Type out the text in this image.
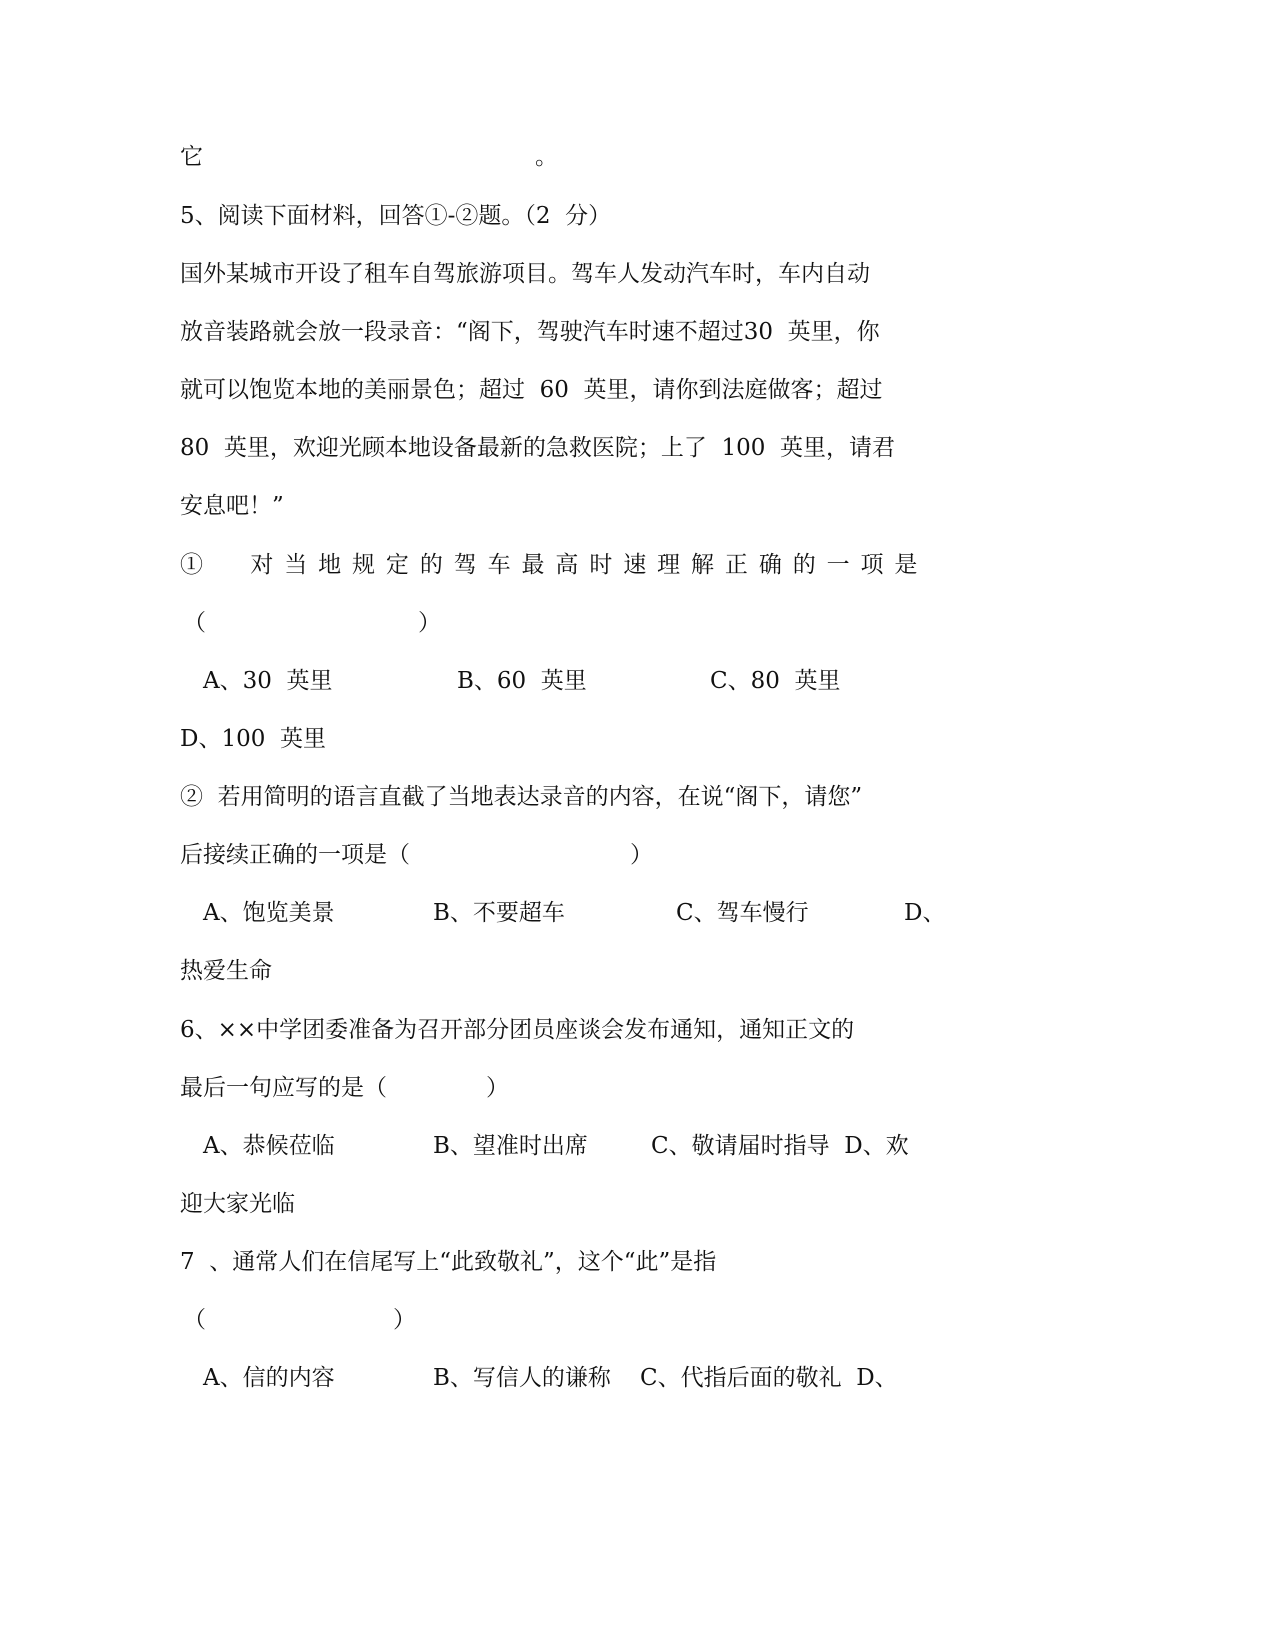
它	。
5、阅读下面材料，回答①-②题。（2  分）
国外某城市开设了租车自驾旅游项目。驾车人发动汽车时，车内自动
放音装路就会放一段录音：“阁下，驾驶汽车时速不超过30  英里，你
就可以饱览本地的美丽景色；超过  60  英里，请你到法庭做客；超过
80  英里，欢迎光顾本地设备最新的急救医院；上了  100  英里，请君
安息吧！”
①  对当地规定的驾车最高时速理解正确的一项是
（	）
A、30  英里	B、60  英里	C、80  英里
D、100  英里
②  若用简明的语言直截了当地表达录音的内容，在说“阁下，请您”
后接续正确的一项是（	）
A、饱览美景	B、不要超车	C、驾车慢行	D、
热爱生命
6、××中学团委准备为召开部分团员座谈会发布通知，通知正文的
最后一句应写的是（	）
A、恭候莅临	B、望准时出席	C、敬请届时指导  D、欢
迎大家光临
7  、通常人们在信尾写上“此致敬礼”，这个“此”是指
（	）
A、信的内容	B、写信人的谦称 C、代指后面的敬礼  D、
